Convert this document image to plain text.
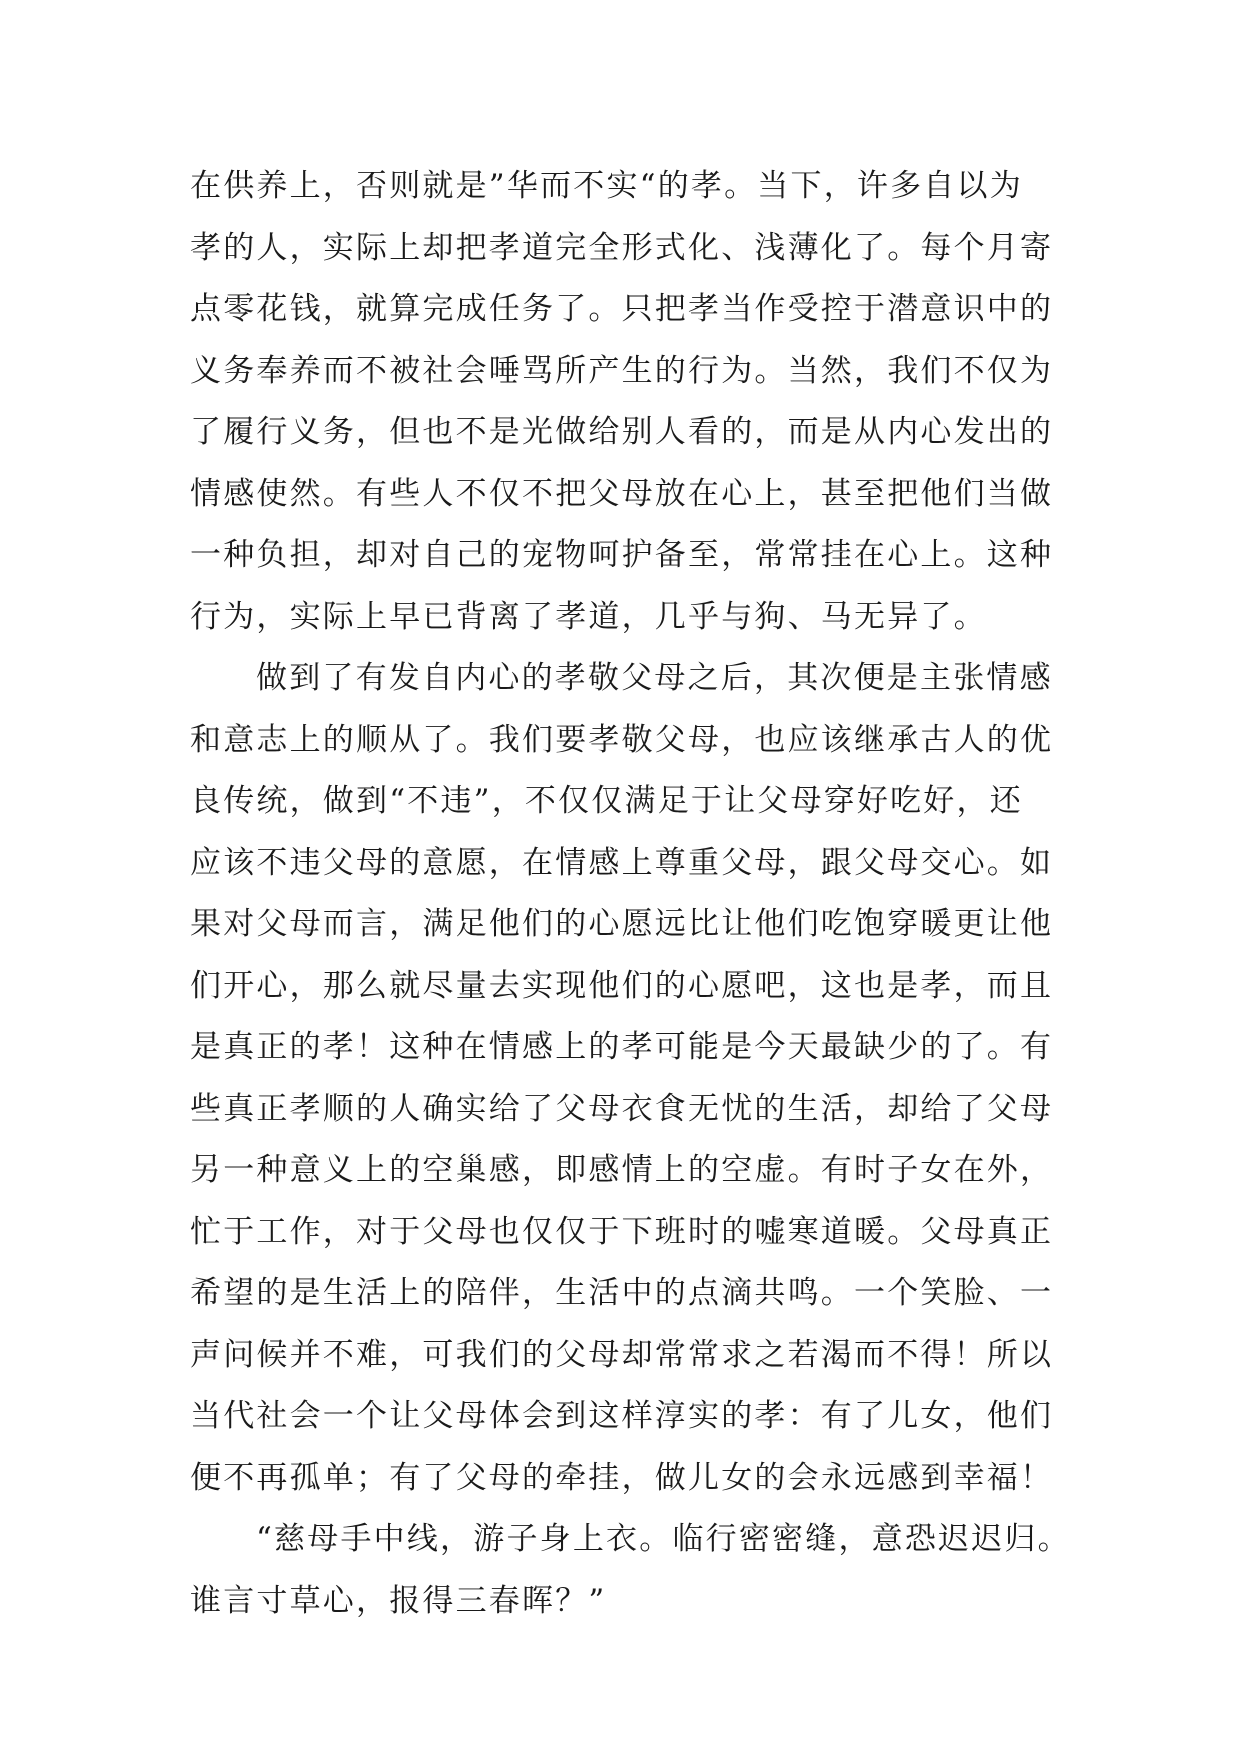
在供养上，否则就是”华而不实“的孝。当下，许多自以为
孝的人，实际上却把孝道完全形式化、浅薄化了。每个月寄
点零花钱，就算完成任务了。只把孝当作受控于潜意识中的
义务奉养而不被社会唾骂所产生的行为。当然，我们不仅为
了履行义务，但也不是光做给别人看的，而是从内心发出的
情感使然。有些人不仅不把父母放在心上，甚至把他们当做
一种负担，却对自己的宠物呵护备至，常常挂在心上。这种
行为，实际上早已背离了孝道，几乎与狗、马无异了。
做到了有发自内心的孝敬父母之后，其次便是主张情感
和意志上的顺从了。我们要孝敬父母，也应该继承古人的优
良传统，做到“不违”，不仅仅满足于让父母穿好吃好，还
应该不违父母的意愿，在情感上尊重父母，跟父母交心。如
果对父母而言，满足他们的心愿远比让他们吃饱穿暖更让他
们开心，那么就尽量去实现他们的心愿吧，这也是孝，而且
是真正的孝！这种在情感上的孝可能是今天最缺少的了。有
些真正孝顺的人确实给了父母衣食无忧的生活，却给了父母
另一种意义上的空巢感，即感情上的空虚。有时子女在外，
忙于工作，对于父母也仅仅于下班时的嘘寒道暖。父母真正
希望的是生活上的陪伴，生活中的点滴共鸣。一个笑脸、一
声问候并不难，可我们的父母却常常求之若渴而不得！所以
当代社会一个让父母体会到这样淳实的孝：有了儿女，他们
便不再孤单；有了父母的牵挂，做儿女的会永远感到幸福！
“慈母手中线，游子身上衣。临行密密缝，意恐迟迟归。
谁言寸草心，报得三春晖？”
